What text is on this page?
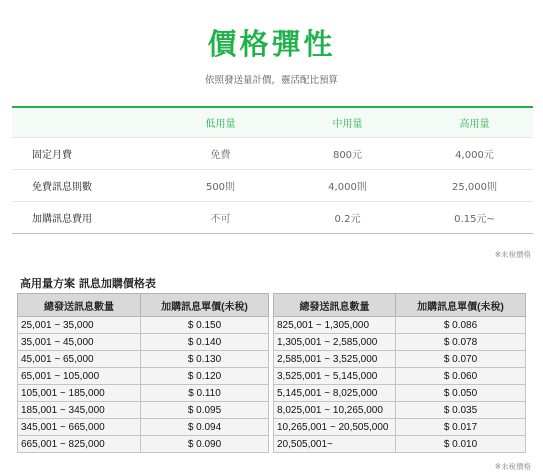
價格彈性
依照發送量計價，靈活配比預算
	低用量	中用量	高用量
固定月費	免費	800元	4,000元
免費訊息則數	500則	4,000則	25,000則
加購訊息費用	不可	0.2元	0.15元~
※未稅價格
高用量方案 訊息加購價格表
總發送訊息數量	加購訊息單價(未稅)		總發送訊息數量	加購訊息單價(未稅)
25,001 ~ 35,000	$ 0.150		825,001 ~ 1,305,000	$ 0.086
35,001 ~ 45,000	$ 0.140		1,305,001 ~ 2,585,000	$ 0.078
45,001 ~ 65,000	$ 0.130		2,585,001 ~ 3,525,000	$ 0.070
65,001 ~ 105,000	$ 0.120		3,525,001 ~ 5,145,000	$ 0.060
105,001 ~ 185,000	$ 0.110		5,145,001 ~ 8,025,000	$ 0.050
185,001 ~ 345,000	$ 0.095		8,025,001 ~ 10,265,000	$ 0.035
345,001 ~ 665,000	$ 0.094		10,265,001 ~ 20,505,000	$ 0.017
665,001 ~ 825,000	$ 0.090		20,505,001~	$ 0.010
※未稅價格
